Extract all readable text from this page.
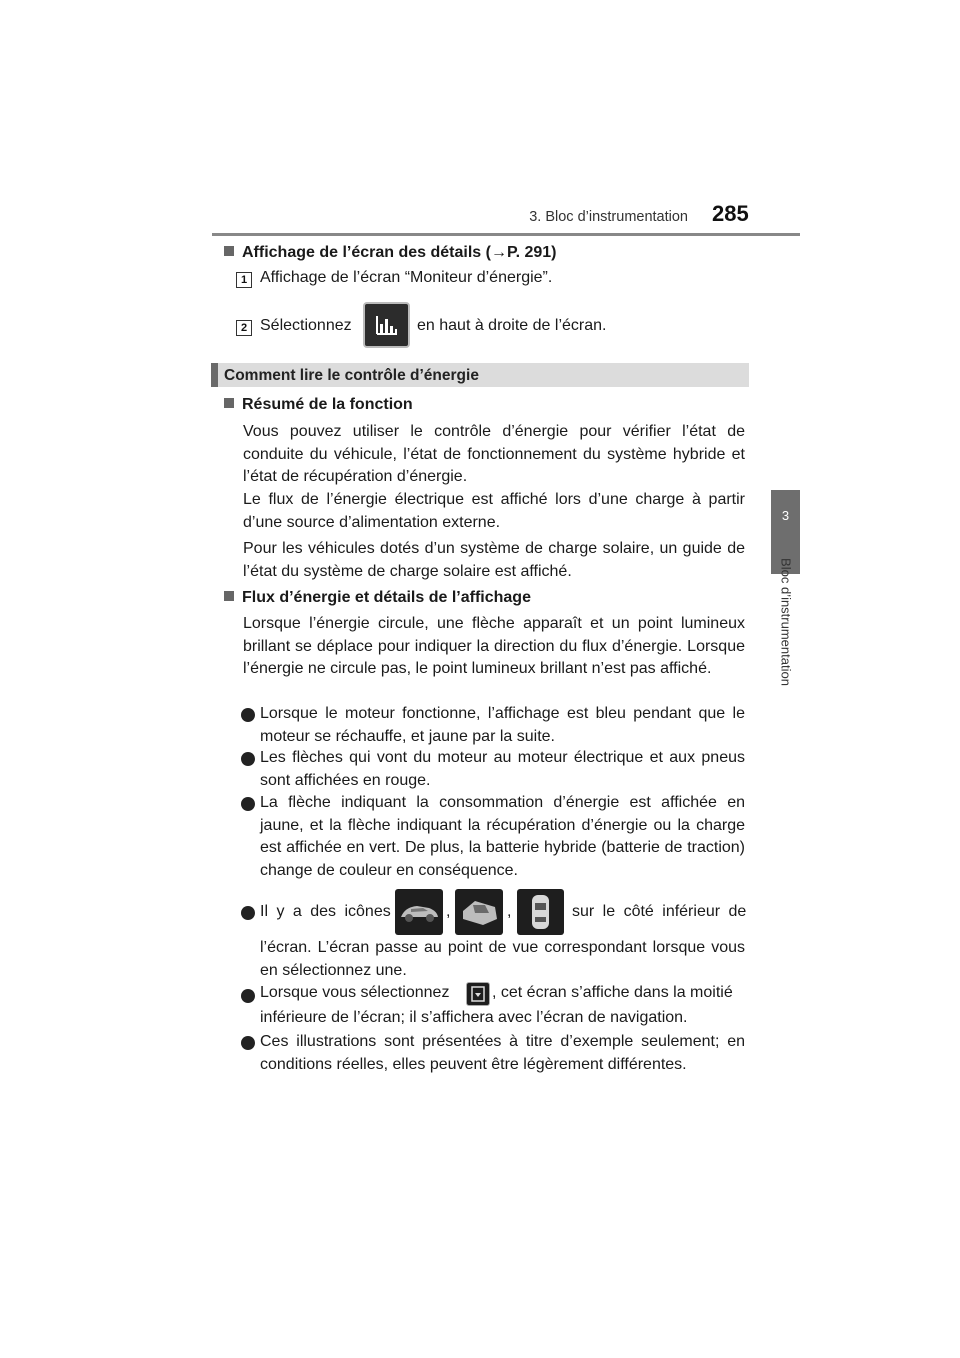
3. Bloc d’instrumentation 285
3
Bloc d’instrumentation
Affichage de l’écran des détails (→P. 291)
1 Affichage de l’écran “Moniteur d’énergie”.
2 Sélectionnez	en haut à droite de l’écran.
Comment lire le contrôle d’énergie
Résumé de la fonction
Vous pouvez utiliser le contrôle d’énergie pour vérifier l’état de conduite du véhicule, l’état de fonctionnement du système hybride et l’état de récupération d’énergie.
Le flux de l’énergie électrique est affiché lors d’une charge à partir d’une source d’alimentation externe.
Pour les véhicules dotés d’un système de charge solaire, un guide de l’état du système de charge solaire est affiché.
Flux d’énergie et détails de l’affichage
Lorsque l’énergie circule, une flèche apparaît et un point lumineux brillant se déplace pour indiquer la direction du flux d’énergie. Lorsque l’énergie ne circule pas, le point lumineux brillant n’est pas affiché.
Lorsque le moteur fonctionne, l’affichage est bleu pendant que le moteur se réchauffe, et jaune par la suite.
Les flèches qui vont du moteur au moteur électrique et aux pneus sont affichées en rouge.
La flèche indiquant la consommation d’énergie est affichée en jaune, et la flèche indiquant la récupération d’énergie ou la charge est affichée en vert. De plus, la batterie hybride (batterie de traction) change de couleur en conséquence.
Il y a des icônes	,	,	sur le côté inférieur de
l’écran. L’écran passe au point de vue correspondant lorsque vous en sélectionnez une.
Lorsque vous sélectionnez	, cet écran s’affiche dans la moitié
inférieure de l’écran; il s’affichera avec l’écran de navigation.
Ces illustrations sont présentées à titre d’exemple seulement; en conditions réelles, elles peuvent être légèrement différentes.
